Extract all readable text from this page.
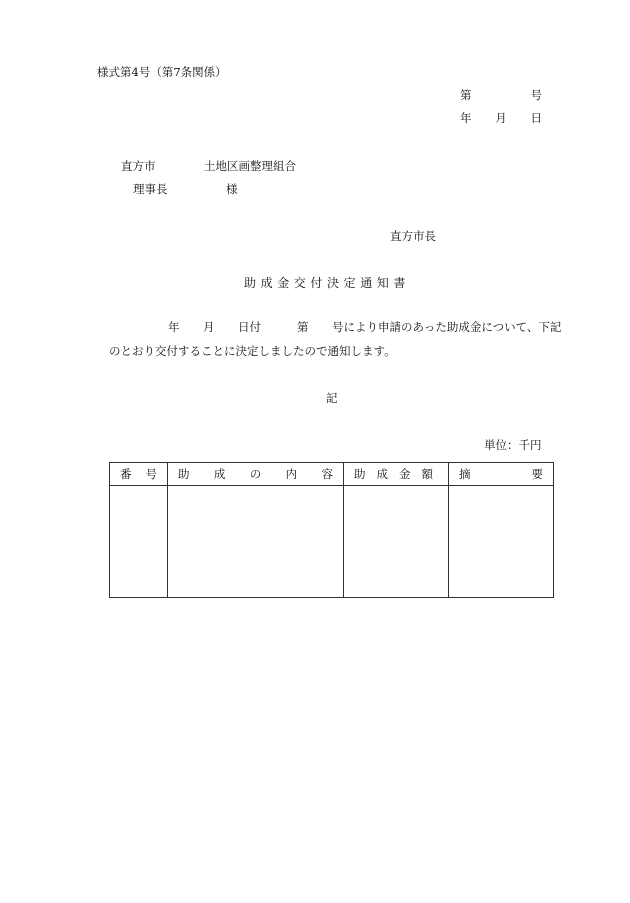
様式第4号（第7条関係）
第	号
年 月 日
直方市	土地区画整理組合
理事長	様
直方市長
助成金交付決定通知書
年 月 日付	第 号により申請のあった助成金について、下記
のとおり交付することに決定しましたので通知します。
記
単位：千円
番 号	助 成 の 内 容	助 成 金 額	摘 要
